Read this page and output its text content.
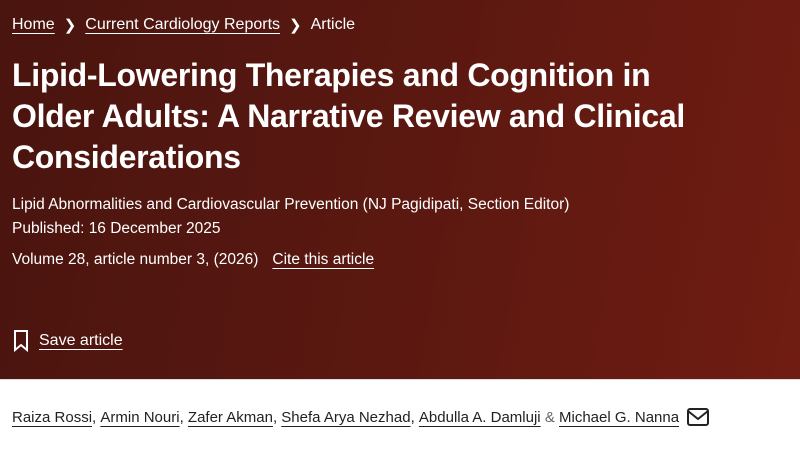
Home ❯ Current Cardiology Reports ❯ Article
Lipid-Lowering Therapies and Cognition in Older Adults: A Narrative Review and Clinical Considerations
Lipid Abnormalities and Cardiovascular Prevention (NJ Pagidipati, Section Editor)
Published: 16 December 2025
Volume 28, article number 3, (2026) Cite this article
Save article
Raiza Rossi ,
Armin Nouri ,
Zafer Akman ,
Shefa Arya Nezhad ,
Abdulla A. Damluji
&
Michael G. Nanna
